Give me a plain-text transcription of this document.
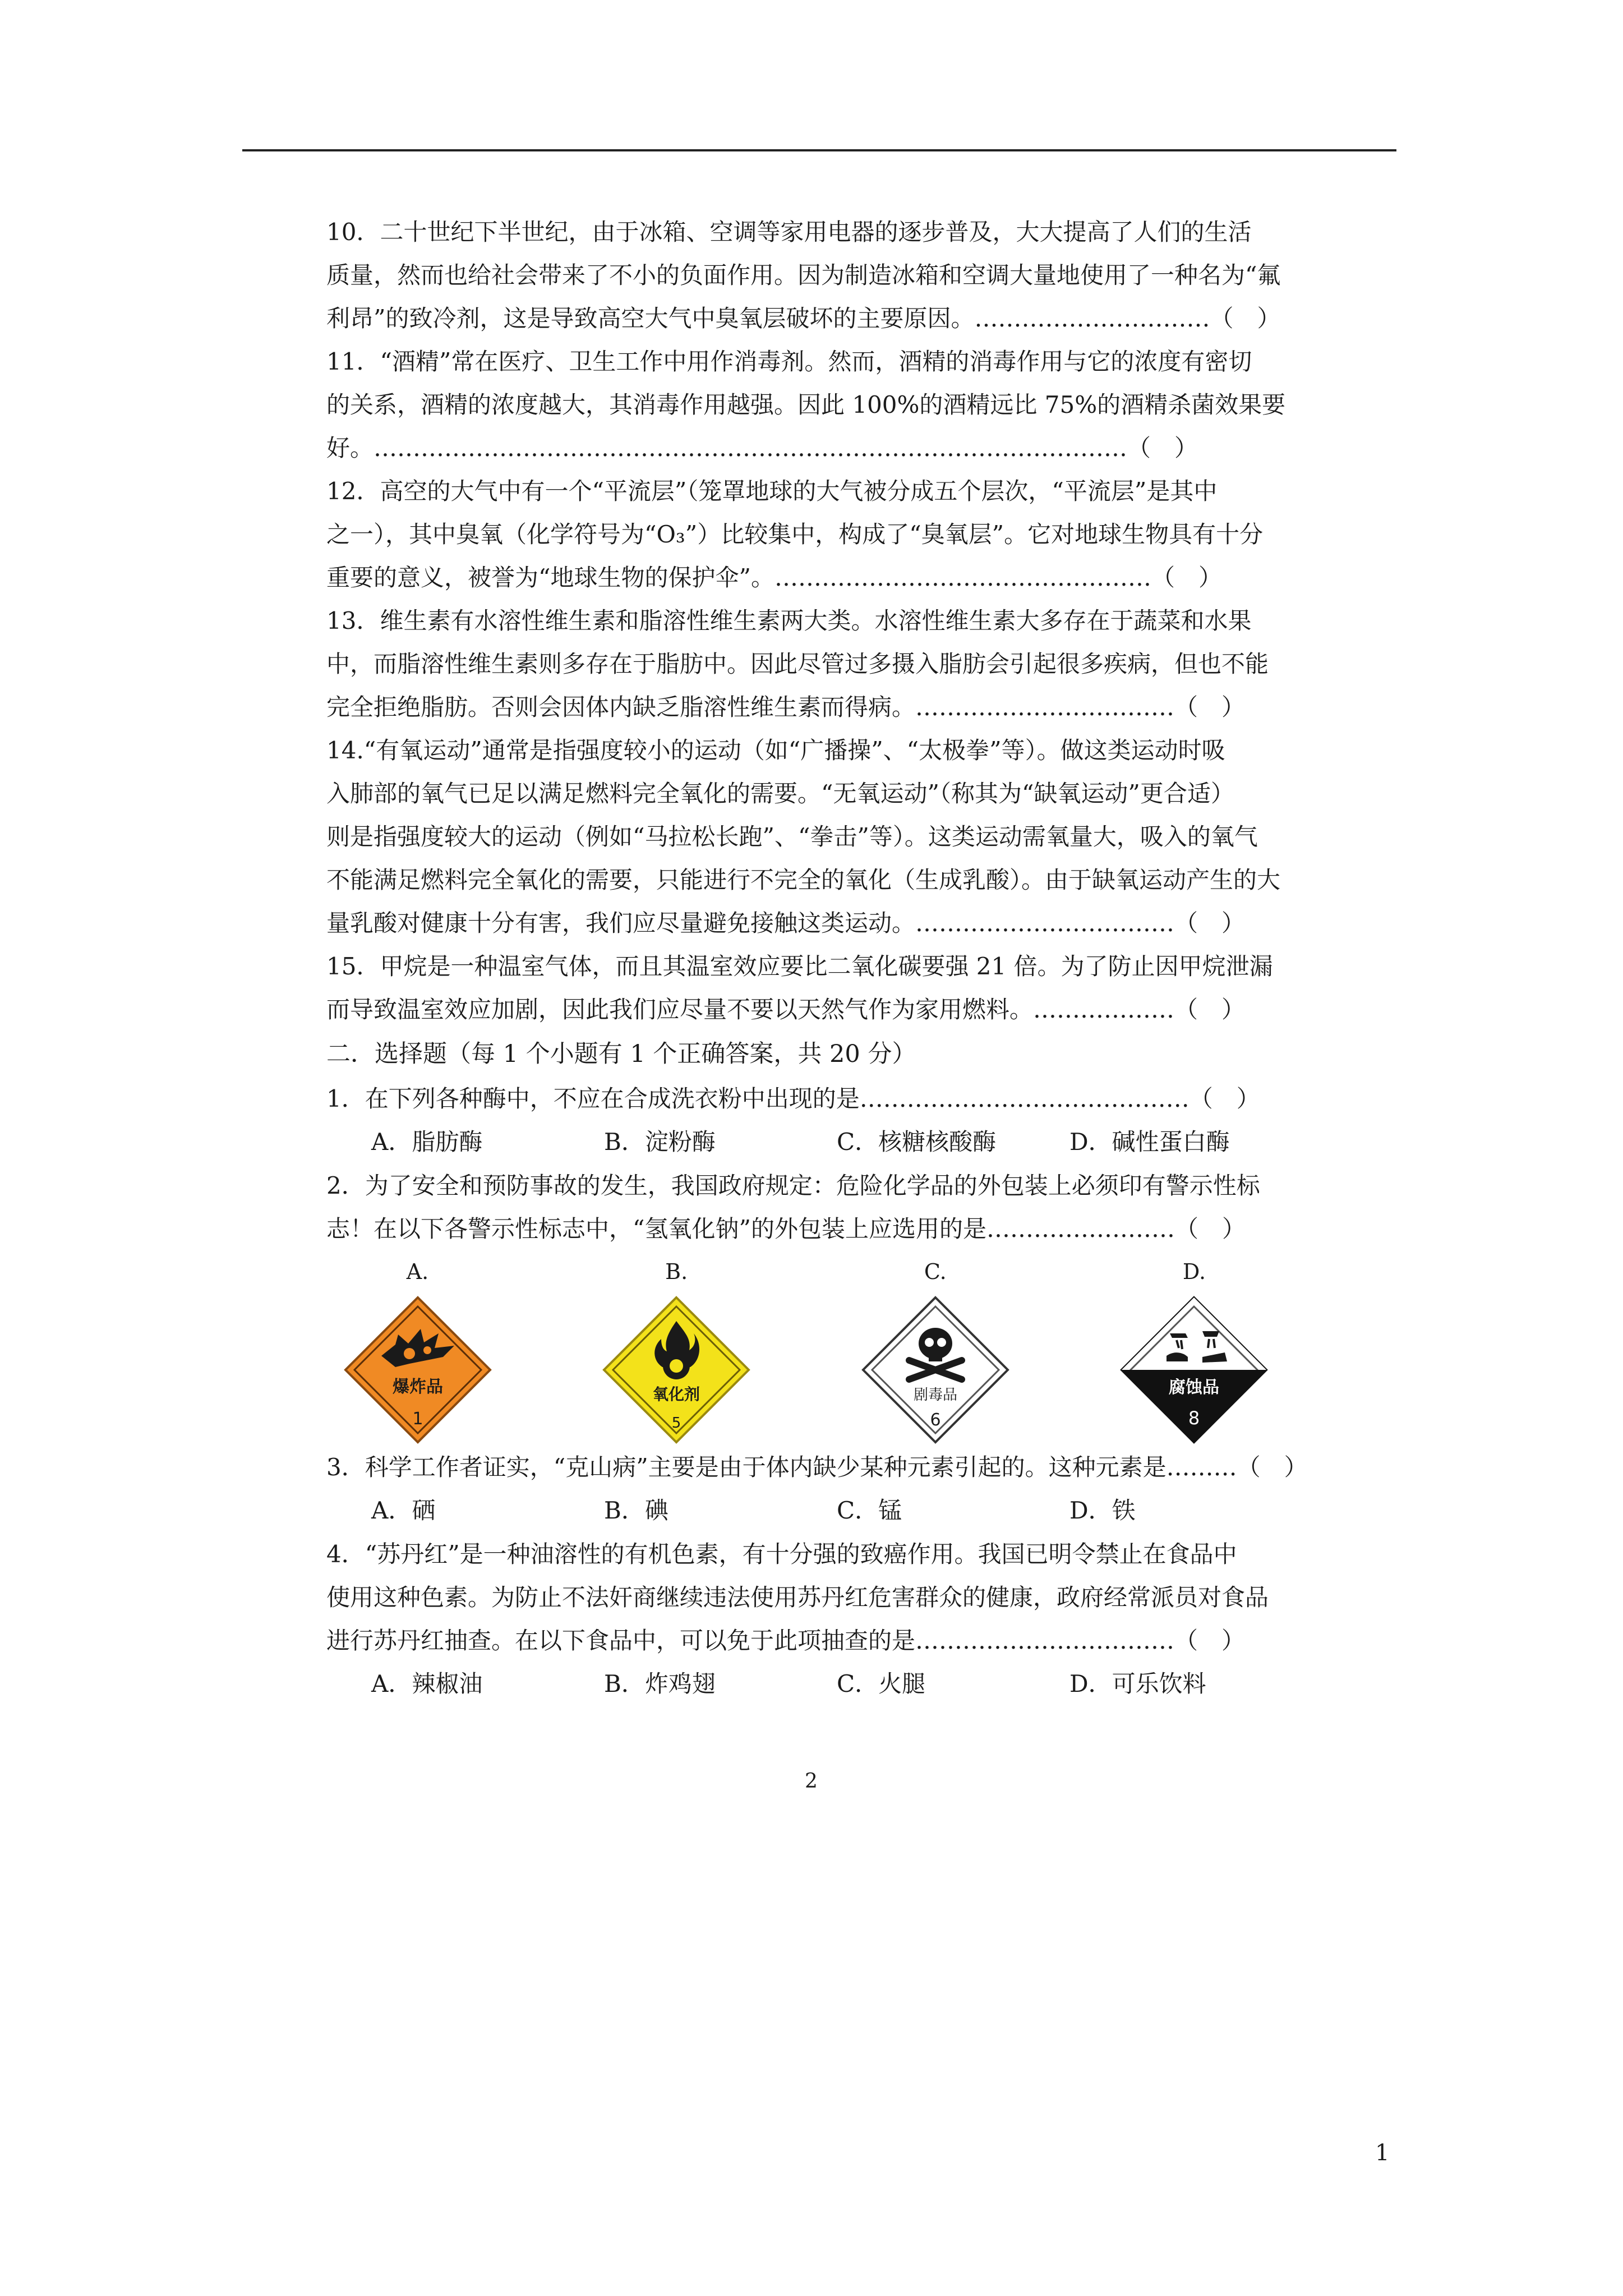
10．二十世纪下半世纪，由于冰箱、空调等家用电器的逐步普及，大大提高了人们的生活

质量，然而也给社会带来了不小的负面作用。因为制造冰箱和空调大量地使用了一种名为“氟

利昂”的致冷剂，这是导致高空大气中臭氧层破坏的主要原因。…………………………（　）

11．“酒精”常在医疗、卫生工作中用作消毒剂。然而，酒精的消毒作用与它的浓度有密切

的关系，酒精的浓度越大，其消毒作用越强。因此 100%的酒精远比 75%的酒精杀菌效果要

好。……………………………………………………………………………………（　）

12．高空的大气中有一个“平流层”（笼罩地球的大气被分成五个层次，“平流层”是其中

之一），其中臭氧（化学符号为“O₃”）比较集中，构成了“臭氧层”。它对地球生物具有十分

重要的意义，被誉为“地球生物的保护伞”。…………………………………………（　）

13．维生素有水溶性维生素和脂溶性维生素两大类。水溶性维生素大多存在于蔬菜和水果

中，而脂溶性维生素则多存在于脂肪中。因此尽管过多摄入脂肪会引起很多疾病，但也不能

完全拒绝脂肪。否则会因体内缺乏脂溶性维生素而得病。……………………………（　）

14.“有氧运动”通常是指强度较小的运动（如“广播操”、“太极拳”等）。做这类运动时吸

入肺部的氧气已足以满足燃料完全氧化的需要。“无氧运动”（称其为“缺氧运动”更合适）

则是指强度较大的运动（例如“马拉松长跑”、“拳击”等）。这类运动需氧量大，吸入的氧气

不能满足燃料完全氧化的需要，只能进行不完全的氧化（生成乳酸）。由于缺氧运动产生的大

量乳酸对健康十分有害，我们应尽量避免接触这类运动。……………………………（　）

15．甲烷是一种温室气体，而且其温室效应要比二氧化碳要强 21 倍。为了防止因甲烷泄漏

而导致温室效应加剧，因此我们应尽量不要以天然气作为家用燃料。………………（　）

二．选择题（每 1 个小题有 1 个正确答案，共 20 分）

1．在下列各种酶中，不应在合成洗衣粉中出现的是……………………………………（　）

A．脂肪酶	B．淀粉酶	C．核糖核酸酶	D．碱性蛋白酶

2．为了安全和预防事故的发生，我国政府规定：危险化学品的外包装上必须印有警示性标

志！在以下各警示性标志中，“氢氧化钠”的外包装上应选用的是……………………（　）

A.
爆炸品
1
B.
氧化剂
5
C.
剧毒品
6
D.
腐蚀品
8

3．科学工作者证实，“克山病”主要是由于体内缺少某种元素引起的。这种元素是………（　）

A．硒	B．碘	C．锰	D．铁

4．“苏丹红”是一种油溶性的有机色素，有十分强的致癌作用。我国已明令禁止在食品中

使用这种色素。为防止不法奸商继续违法使用苏丹红危害群众的健康，政府经常派员对食品

进行苏丹红抽查。在以下食品中，可以免于此项抽查的是……………………………（　）

A．辣椒油	B．炸鸡翅	C．火腿	D．可乐饮料
2
1
